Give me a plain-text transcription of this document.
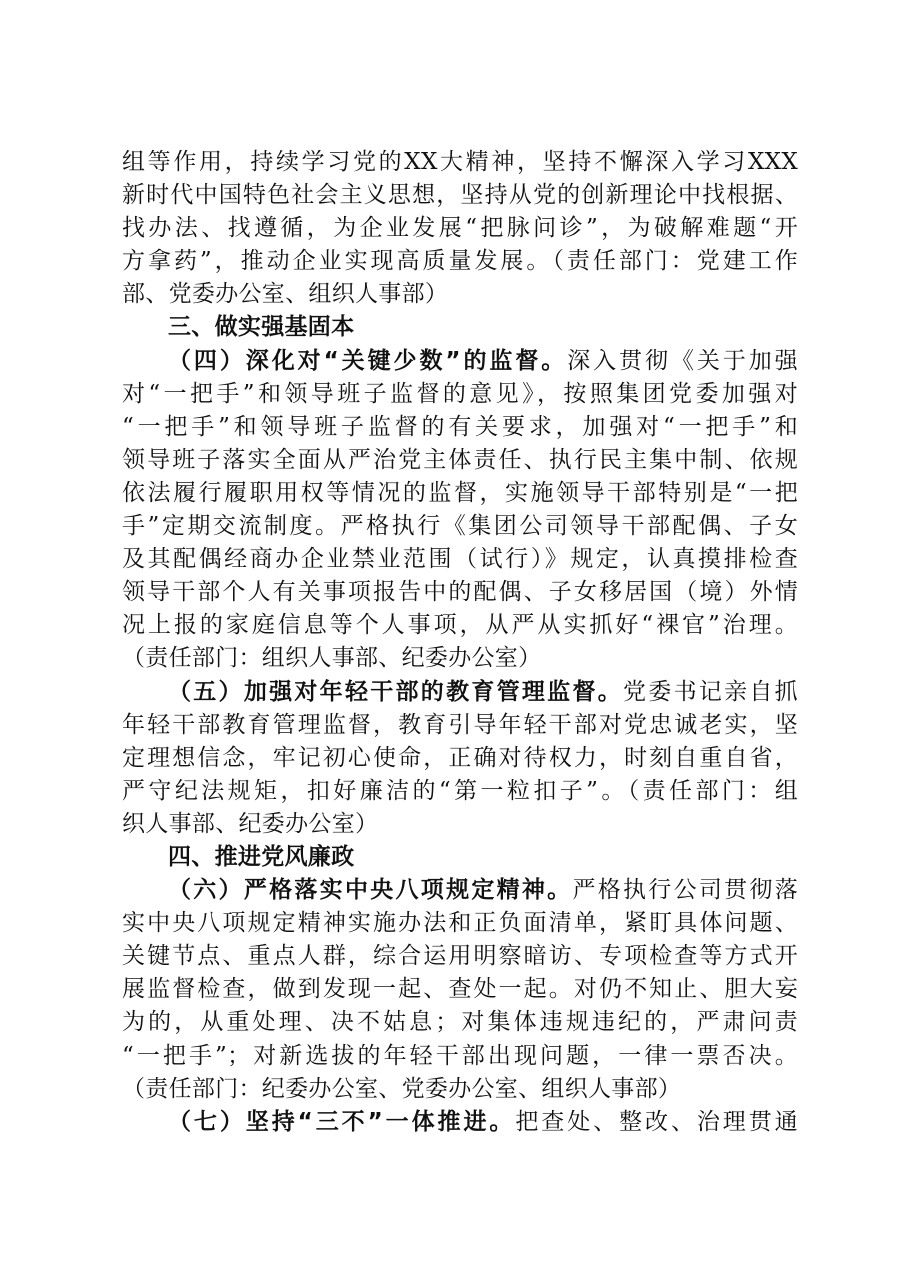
组等作用，持续学习党的XX大精神，坚持不懈深入学习XXX
新时代中国特色社会主义思想，坚持从党的创新理论中找根据、
找办法、找遵循，为企业发展“把脉问诊”，为破解难题“开
方拿药”，推动企业实现高质量发展。（责任部门：党建工作
部、党委办公室、组织人事部）
三、做实强基固本
（四）深化对“关键少数”的监督。深入贯彻《关于加强
对“一把手”和领导班子监督的意见》，按照集团党委加强对
“一把手”和领导班子监督的有关要求，加强对“一把手”和
领导班子落实全面从严治党主体责任、执行民主集中制、依规
依法履行履职用权等情况的监督，实施领导干部特别是“一把
手”定期交流制度。严格执行《集团公司领导干部配偶、子女
及其配偶经商办企业禁业范围（试行）》规定，认真摸排检查
领导干部个人有关事项报告中的配偶、子女移居国（境）外情
况上报的家庭信息等个人事项，从严从实抓好“裸官”治理。
（责任部门：组织人事部、纪委办公室）
（五）加强对年轻干部的教育管理监督。党委书记亲自抓
年轻干部教育管理监督，教育引导年轻干部对党忠诚老实，坚
定理想信念，牢记初心使命，正确对待权力，时刻自重自省，
严守纪法规矩，扣好廉洁的“第一粒扣子”。（责任部门：组
织人事部、纪委办公室）
四、推进党风廉政
（六）严格落实中央八项规定精神。严格执行公司贯彻落
实中央八项规定精神实施办法和正负面清单，紧盯具体问题、
关键节点、重点人群，综合运用明察暗访、专项检查等方式开
展监督检查，做到发现一起、查处一起。对仍不知止、胆大妄
为的，从重处理、决不姑息；对集体违规违纪的，严肃问责
“一把手”；对新选拔的年轻干部出现问题，一律一票否决。
（责任部门：纪委办公室、党委办公室、组织人事部）
（七）坚持“三不”一体推进。把查处、整改、治理贯通
